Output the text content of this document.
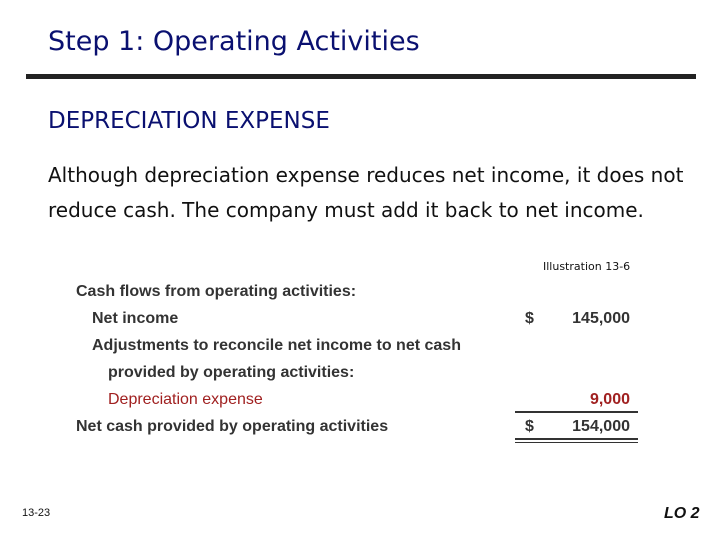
Step 1: Operating Activities
DEPRECIATION EXPENSE
Although depreciation expense reduces net income, it does not reduce cash. The company must add it back to net income.
Illustration 13-6
Cash flows from operating activities:
Net income	$	145,000
Adjustments to reconcile net income to net cash
provided by operating activities:
Depreciation expense	9,000
Net cash provided by operating activities	$	154,000
13-23	LO 2
